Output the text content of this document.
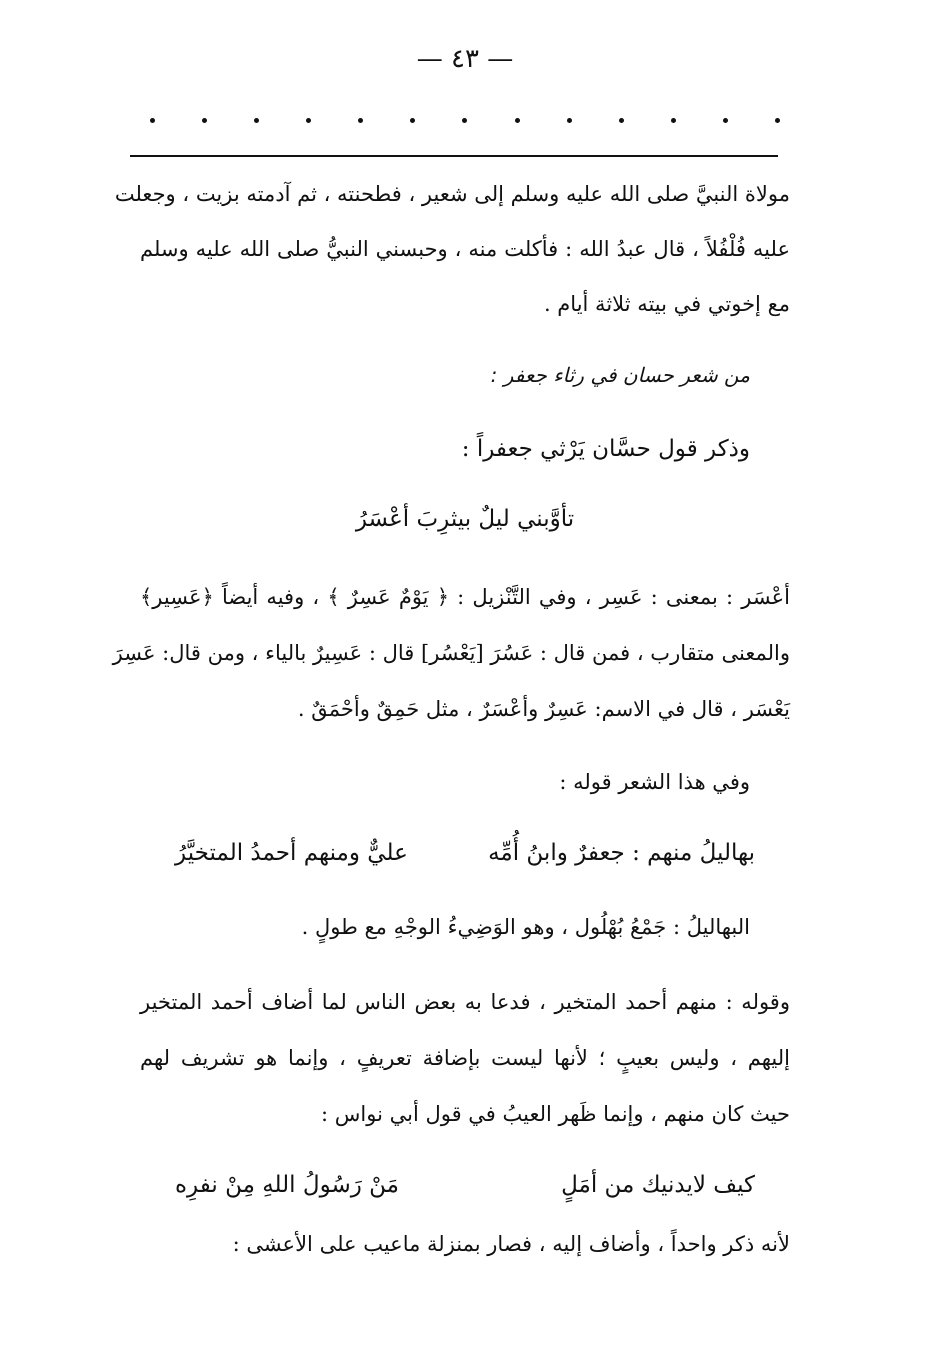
— ٤٣ —
مولاة النبيَّ صلى الله عليه وسلم إلى شعير ، فطحنته ، ثم آدمته بزيت ، وجعلت
عليه فُلْفُلاً ، قال عبدُ الله : فأكلت منه ، وحبسني النبيُّ صلى الله عليه وسلم
مع إخوتي في بيته ثلاثة أيام .
من شعر حسان في رثاء جعفر :
وذكر قول حسَّان يَرْثي جعفراً :
تأوَّبني ليلٌ بيثرِبَ أعْسَرُ
أعْسَر : بمعنى : عَسِر ، وفي التَّنْزيل : ﴿ يَوْمٌ عَسِرٌ ﴾ ، وفيه أيضاً ﴿عَسِير﴾
والمعنى متقارب ، فمن قال : عَسُرَ [يَعْسُر] قال : عَسِيرٌ بالياء ، ومن قال: عَسِرَ
يَعْسَر ، قال في الاسم: عَسِرٌ وأعْسَرٌ ، مثل حَمِقٌ وأحْمَقٌ .
وفي هذا الشعر قوله :
بهاليلُ منهم : جعفرٌ وابنُ أُمِّه
عليٌّ ومنهم أحمدُ المتخيَّرُ
البهاليلُ : جَمْعُ بُهْلُول ، وهو الوَضِيءُ الوجْهِ مع طولٍ .
وقوله : منهم أحمد المتخير ، فدعا به بعض الناس لما أضاف أحمد المتخير
إليهم ، وليس بعيبٍ ؛ لأنها ليست بإضافة تعريفٍ ، وإنما هو تشريف لهم
حيث كان منهم ، وإنما ظَهر العيبُ في قول أبي نواس :
كيف لايدنيك من أمَلٍ
مَنْ رَسُولُ اللهِ مِنْ نفرِه
لأنه ذكر واحداً ، وأضاف إليه ، فصار بمنزلة ماعيب على الأعشى :
